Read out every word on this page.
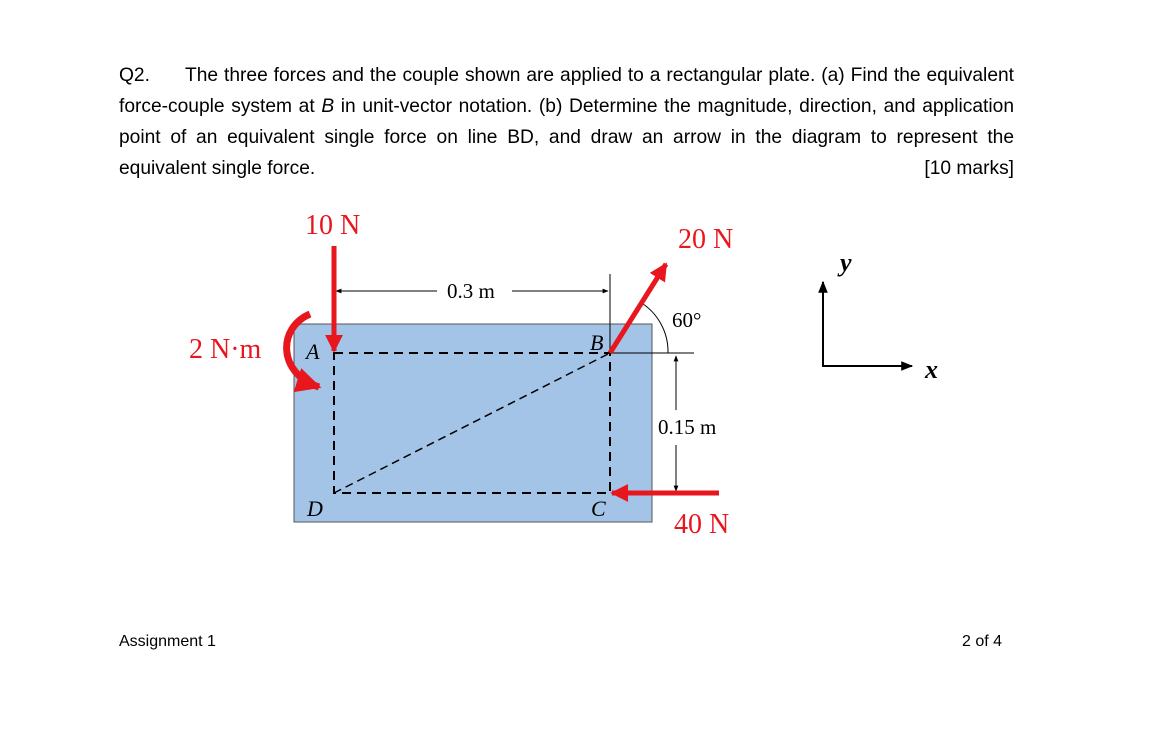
Q2. The three forces and the couple shown are applied to a rectangular plate. (a) Find the equivalent force-couple system at B in unit-vector notation. (b) Determine the magnitude, direction, and application point of an equivalent single force on line BD, and draw an arrow in the diagram to represent the equivalent single force.	[10 marks]
10 N	20 N
40 N
2 N·m
0.3 m
0.15 m
60°
A	B
C
D
y
x
Assignment 1	2 of 4
